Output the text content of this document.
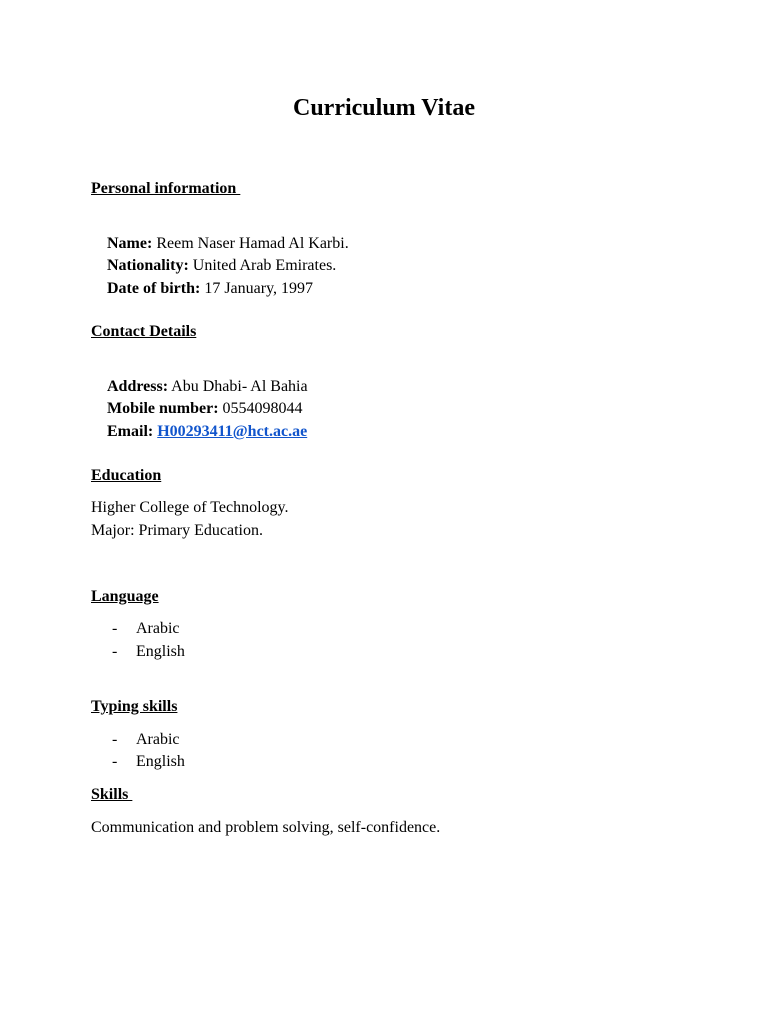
Curriculum Vitae
Personal information

Name: Reem Naser Hamad Al Karbi.

Nationality: United Arab Emirates.

Date of birth: 17 January, 1997

Contact Details

Address: Abu Dhabi- Al Bahia

Mobile number: 0554098044

Email: H00293411@hct.ac.ae

Education
Higher College of Technology.
Major: Primary Education.
Language
- Arabic
- English
Typing skills
- Arabic
- English
Skills
Communication and problem solving, self-confidence.
